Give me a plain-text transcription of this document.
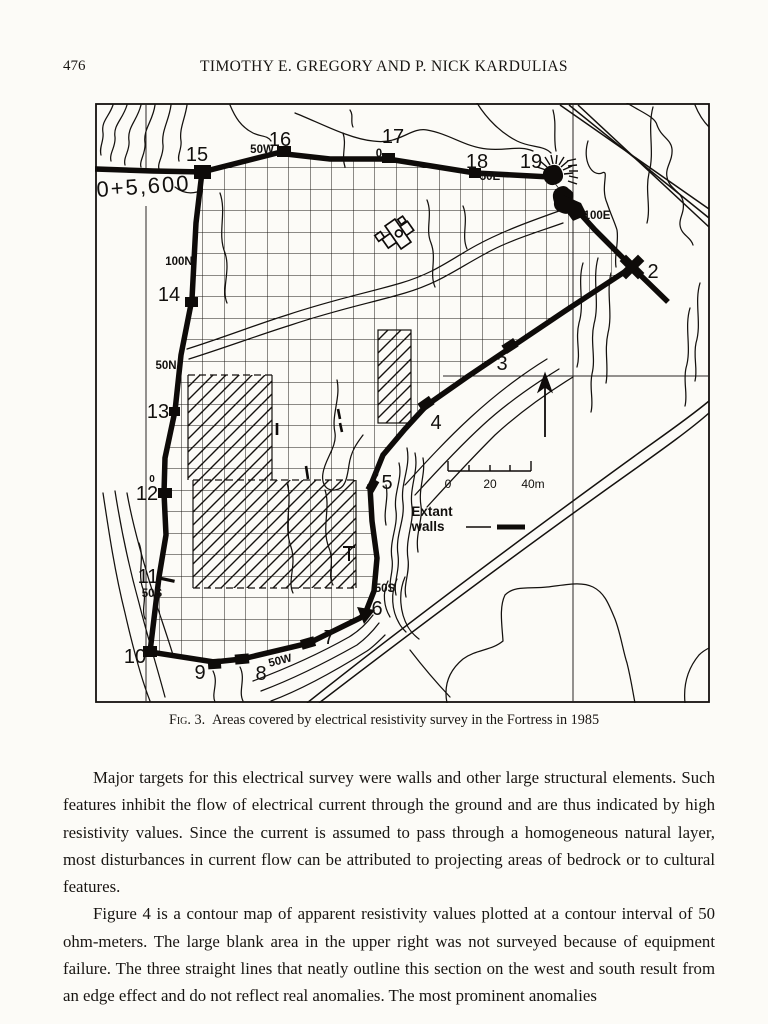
476	TIMOTHY E. GREGORY AND P. NICK KARDULIAS
0	20 40m
Extant
walls
0+5,600
15
16	17
18 19
2
3
4
5
6
7
8
9
10
11
12
13
14
50W	0
50E
100E
100N
50N
0	0
50S	50S
50W
Fig. 3. Areas covered by electrical resistivity survey in the Fortress in 1985

Major targets for this electrical survey were walls and other large structural elements. Such features inhibit the flow of electrical current through the ground and are thus indicated by high resistivity values. Since the current is assumed to pass through a homogeneous natural layer, most disturbances in current flow can be attributed to projecting areas of bedrock or to cultural features.

Figure 4 is a contour map of apparent resistivity values plotted at a contour interval of 50 ohm-meters. The large blank area in the upper right was not surveyed because of equipment failure. The three straight lines that neatly outline this section on the west and south result from an edge effect and do not reflect real anomalies. The most prominent anomalies
